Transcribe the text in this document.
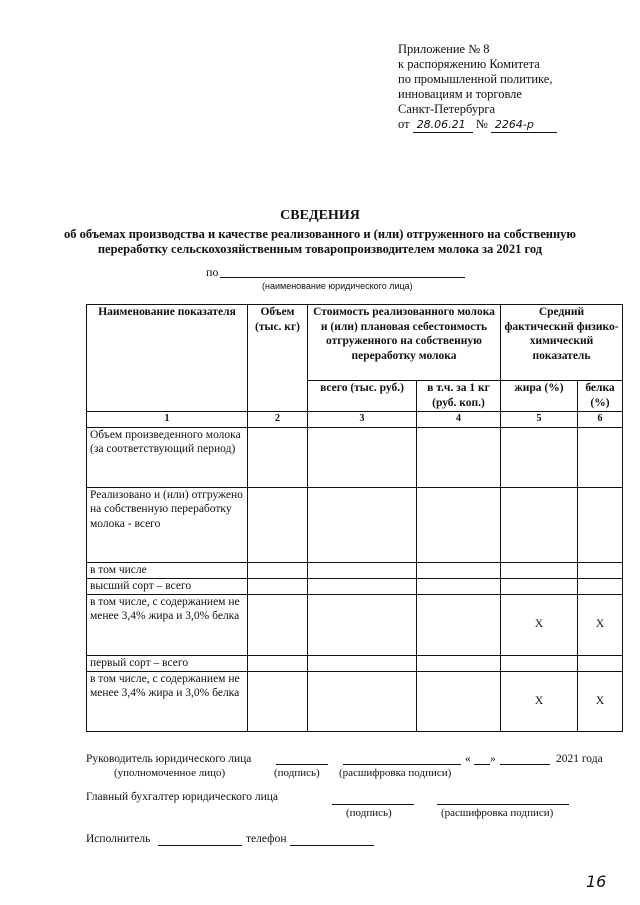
Приложение № 8
к распоряжению Комитета
по промышленной политике,
инновациям и торговле
Санкт-Петербурга
от 28.06.21 № 2264-р
СВЕДЕНИЯ
об объемах производства и качестве реализованного и (или) отгруженного на собственную
переработку сельскохозяйственным товаропроизводителем молока за 2021 год
по
(наименование юридического лица)
Наименование показателя	Объем (тыс. кг)	Стоимость реализованного молока и (или) плановая себестоимость отгруженного на собственную переработку молока		Средний фактический физико-химический показатель	
		всего (тыс. руб.)	в т.ч. за 1 кг (руб. коп.)	жира (%)	белка (%)
1	2	3	4	5	6
Объем произведенного молока (за соответствующий период)					
Реализовано и (или) отгружено на собственную переработку молока - всего					
в том числе					
высший сорт – всего					
в том числе, с содержанием не менее 3,4% жира и 3,0% белка				Х	Х
первый сорт – всего					
в том числе, с содержанием не менее 3,4% жира и 3,0% белка				Х	Х
Руководитель юридического лица	« »	2021 года
(уполномоченное лицо)	(подпись) (расшифровка подписи)
Главный бухгалтер юридического лица
(подпись)	(расшифровка подписи)
Исполнитель	телефон
16
